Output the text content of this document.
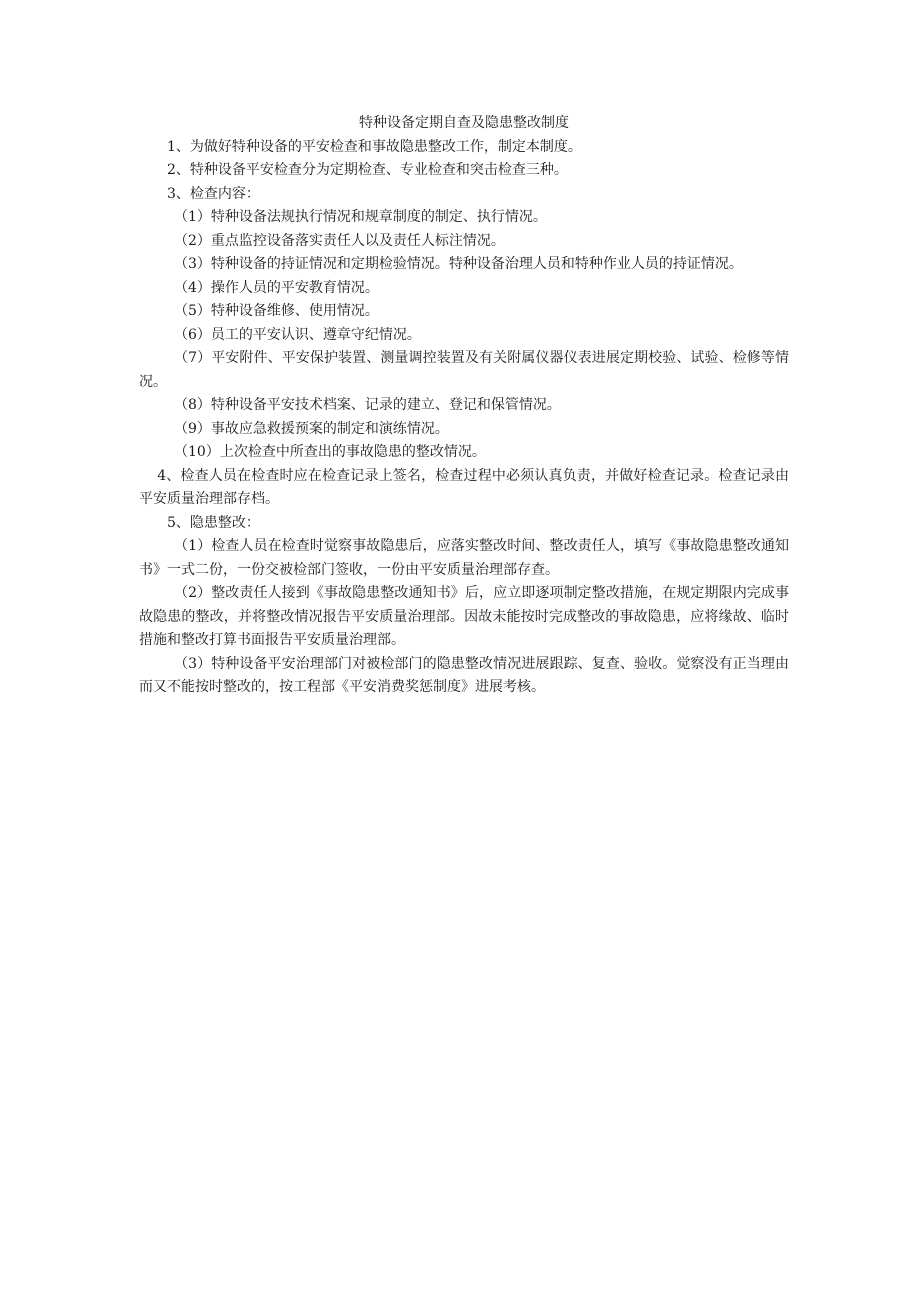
特种设备定期自查及隐患整改制度

1、为做好特种设备的平安检查和事故隐患整改工作，制定本制度。

2、特种设备平安检查分为定期检查、专业检查和突击检查三种。

3、检查内容：

（1）特种设备法规执行情况和规章制度的制定、执行情况。

（2）重点监控设备落实责任人以及责任人标注情况。

（3）特种设备的持证情况和定期检验情况。特种设备治理人员和特种作业人员的持证情况。

（4）操作人员的平安教育情况。

（5）特种设备维修、使用情况。

（6）员工的平安认识、遵章守纪情况。

（7）平安附件、平安保护装置、测量调控装置及有关附属仪器仪表进展定期校验、试验、检修等情况。

（8）特种设备平安技术档案、记录的建立、登记和保管情况。

（9）事故应急救援预案的制定和演练情况。

（10）上次检查中所查出的事故隐患的整改情况。

4、检查人员在检查时应在检查记录上签名，检查过程中必须认真负责，并做好检查记录。检查记录由平安质量治理部存档。

5、隐患整改：

（1）检查人员在检查时觉察事故隐患后，应落实整改时间、整改责任人，填写《事故隐患整改通知书》一式二份，一份交被检部门签收，一份由平安质量治理部存查。

（2）整改责任人接到《事故隐患整改通知书》后，应立即逐项制定整改措施，在规定期限内完成事故隐患的整改，并将整改情况报告平安质量治理部。因故未能按时完成整改的事故隐患，应将缘故、临时措施和整改打算书面报告平安质量治理部。

（3）特种设备平安治理部门对被检部门的隐患整改情况进展跟踪、复查、验收。觉察没有正当理由而又不能按时整改的，按工程部《平安消费奖惩制度》进展考核。
